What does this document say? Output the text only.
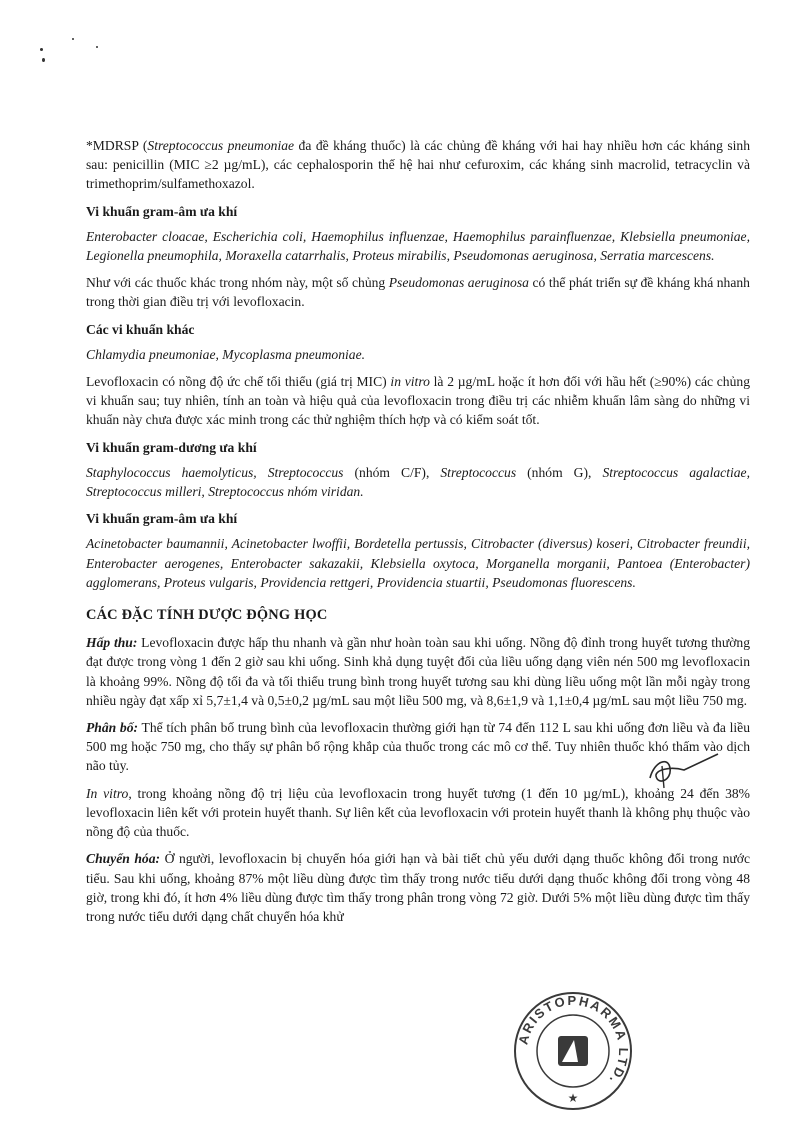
*MDRSP (Streptococcus pneumoniae đa đề kháng thuốc) là các chủng đề kháng với hai hay nhiều hơn các kháng sinh sau: penicillin (MIC ≥2 µg/mL), các cephalosporin thế hệ hai như cefuroxim, các kháng sinh macrolid, tetracyclin và trimethoprim/sulfamethoxazol.

Vi khuẩn gram-âm ưa khí

Enterobacter cloacae, Escherichia coli, Haemophilus influenzae, Haemophilus parainfluenzae, Klebsiella pneumoniae, Legionella pneumophila, Moraxella catarrhalis, Proteus mirabilis, Pseudomonas aeruginosa, Serratia marcescens.

Như với các thuốc khác trong nhóm này, một số chủng Pseudomonas aeruginosa có thể phát triển sự đề kháng khá nhanh trong thời gian điều trị với levofloxacin.

Các vi khuẩn khác

Chlamydia pneumoniae, Mycoplasma pneumoniae.

Levofloxacin có nồng độ ức chế tối thiểu (giá trị MIC) in vitro là 2 µg/mL hoặc ít hơn đối với hầu hết (≥90%) các chủng vi khuẩn sau; tuy nhiên, tính an toàn và hiệu quả của levofloxacin trong điều trị các nhiễm khuẩn lâm sàng do những vi khuẩn này chưa được xác minh trong các thử nghiệm thích hợp và có kiểm soát tốt.

Vi khuẩn gram-dương ưa khí

Staphylococcus haemolyticus, Streptococcus (nhóm C/F), Streptococcus (nhóm G), Streptococcus agalactiae, Streptococcus milleri, Streptococcus nhóm viridan.

Vi khuẩn gram-âm ưa khí

Acinetobacter baumannii, Acinetobacter lwoffii, Bordetella pertussis, Citrobacter (diversus) koseri, Citrobacter freundii, Enterobacter aerogenes, Enterobacter sakazakii, Klebsiella oxytoca, Morganella morganii, Pantoea (Enterobacter) agglomerans, Proteus vulgaris, Providencia rettgeri, Providencia stuartii, Pseudomonas fluorescens.

CÁC ĐẶC TÍNH DƯỢC ĐỘNG HỌC

Hấp thu: Levofloxacin được hấp thu nhanh và gần như hoàn toàn sau khi uống. Nồng độ đỉnh trong huyết tương thường đạt được trong vòng 1 đến 2 giờ sau khi uống. Sinh khả dụng tuyệt đối của liều uống dạng viên nén 500 mg levofloxacin là khoảng 99%. Nồng độ tối đa và tối thiểu trung bình trong huyết tương sau khi dùng liều uống một lần mỗi ngày trong nhiều ngày đạt xấp xỉ 5,7±1,4 và 0,5±0,2 µg/mL sau một liều 500 mg, và 8,6±1,9 và 1,1±0,4 µg/mL sau một liều 750 mg.

Phân bố: Thể tích phân bố trung bình của levofloxacin thường giới hạn từ 74 đến 112 L sau khi uống đơn liều và đa liều 500 mg hoặc 750 mg, cho thấy sự phân bố rộng khắp của thuốc trong các mô cơ thể. Tuy nhiên thuốc khó thấm vào dịch não tủy.

In vitro, trong khoảng nồng độ trị liệu của levofloxacin trong huyết tương (1 đến 10 µg/mL), khoảng 24 đến 38% levofloxacin liên kết với protein huyết thanh. Sự liên kết của levofloxacin với protein huyết thanh là không phụ thuộc vào nồng độ của thuốc.

Chuyển hóa: Ở người, levofloxacin bị chuyển hóa giới hạn và bài tiết chủ yếu dưới dạng thuốc không đổi trong nước tiểu. Sau khi uống, khoảng 87% một liều dùng được tìm thấy trong nước tiểu dưới dạng thuốc không đổi trong vòng 48 giờ, trong khi đó, ít hơn 4% liều dùng được tìm thấy trong phân trong vòng 72 giờ. Dưới 5% một liều dùng được tìm thấy trong nước tiểu dưới dạng chất chuyển hóa khử

ARISTOPHARMA LTD.
★
